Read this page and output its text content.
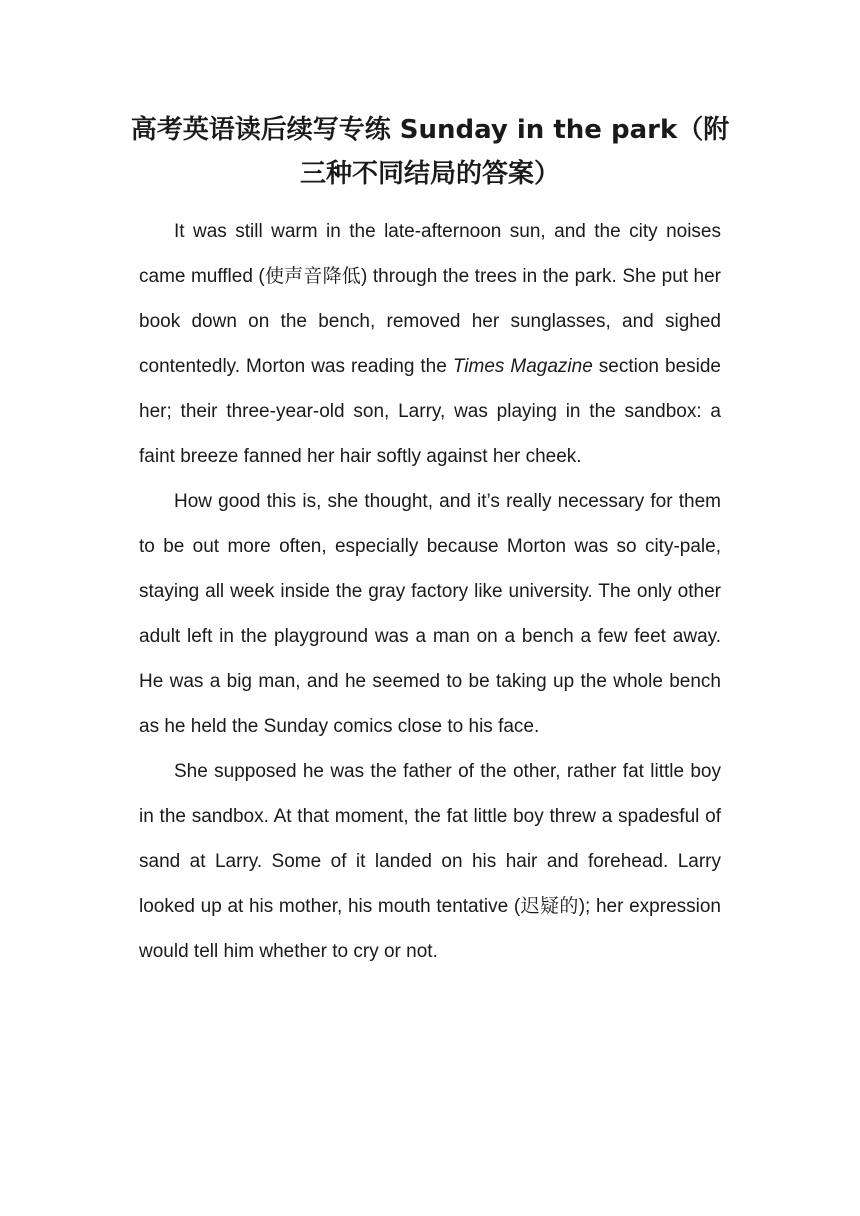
高考英语读后续写专练 Sunday in the park（附
三种不同结局的答案）

It was still warm in the late-afternoon sun, and the city noises came muffled (使声音降低) through the trees in the park. She put her book down on the bench, removed her sunglasses, and sighed contentedly. Morton was reading the Times Magazine section beside her; their three-year-old son, Larry, was playing in the sandbox: a faint breeze fanned her hair softly against her cheek.

How good this is, she thought, and it’s really necessary for them to be out more often, especially because Morton was so city-pale, staying all week inside the gray factory like university. The only other adult left in the playground was a man on a bench a few feet away. He was a big man, and he seemed to be taking up the whole bench as he held the Sunday comics close to his face.

She supposed he was the father of the other, rather fat little boy in the sandbox. At that moment, the fat little boy threw a spadesful of sand at Larry. Some of it landed on his hair and forehead. Larry looked up at his mother, his mouth tentative (迟疑的); her expression would tell him whether to cry or not.
